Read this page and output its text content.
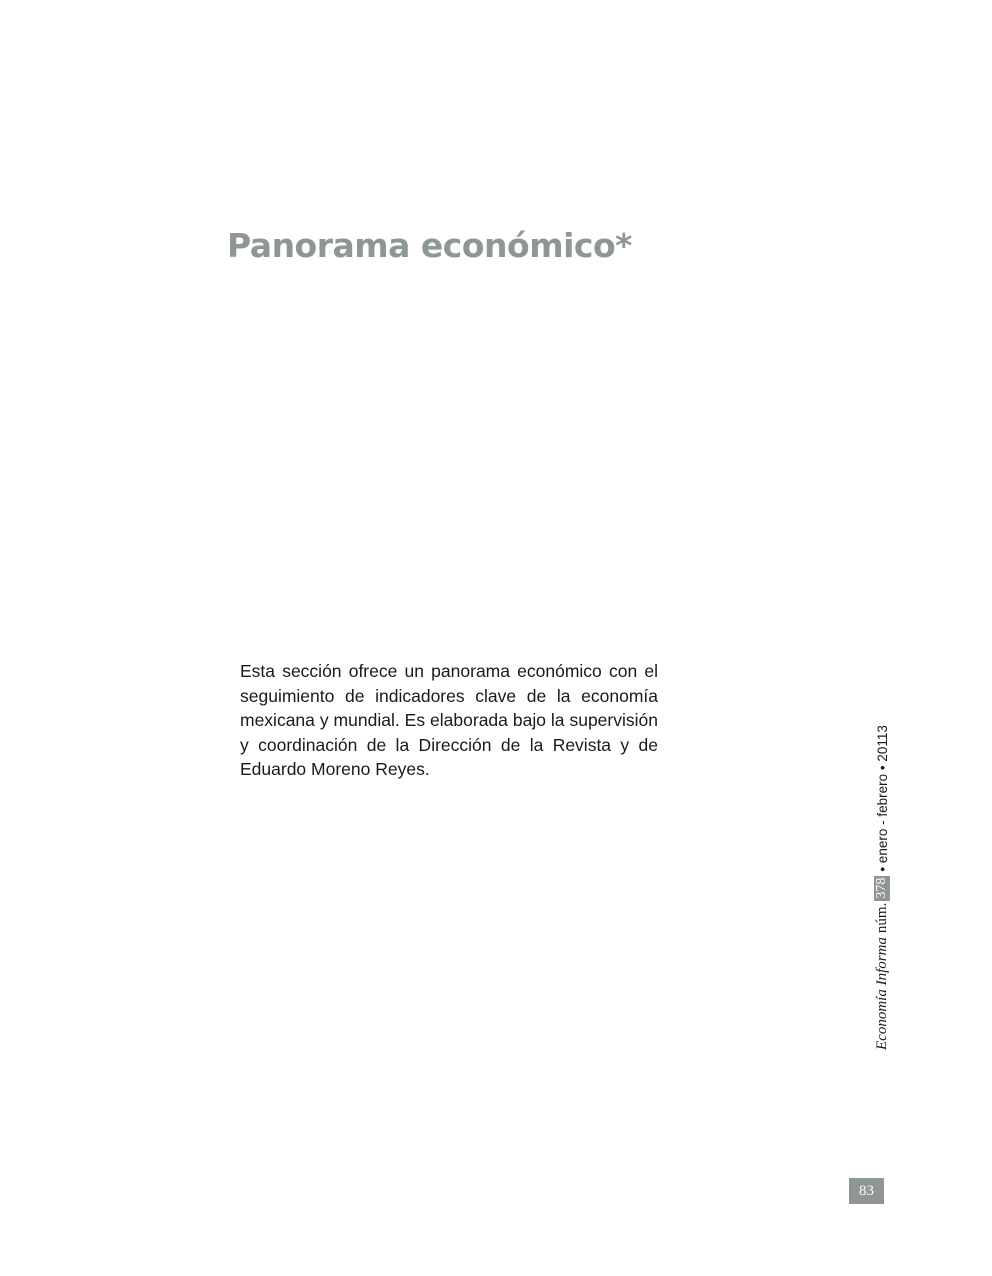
Panorama económico*

Esta sección ofrece un panorama económico con el seguimiento de indicadores clave de la economía mexicana y mundial. Es elaborada bajo la supervisión y coordinación de la Dirección de la Revista y de Eduardo Moreno Reyes.

Economía Informa
núm.
378
• enero - febrero • 20113
83
